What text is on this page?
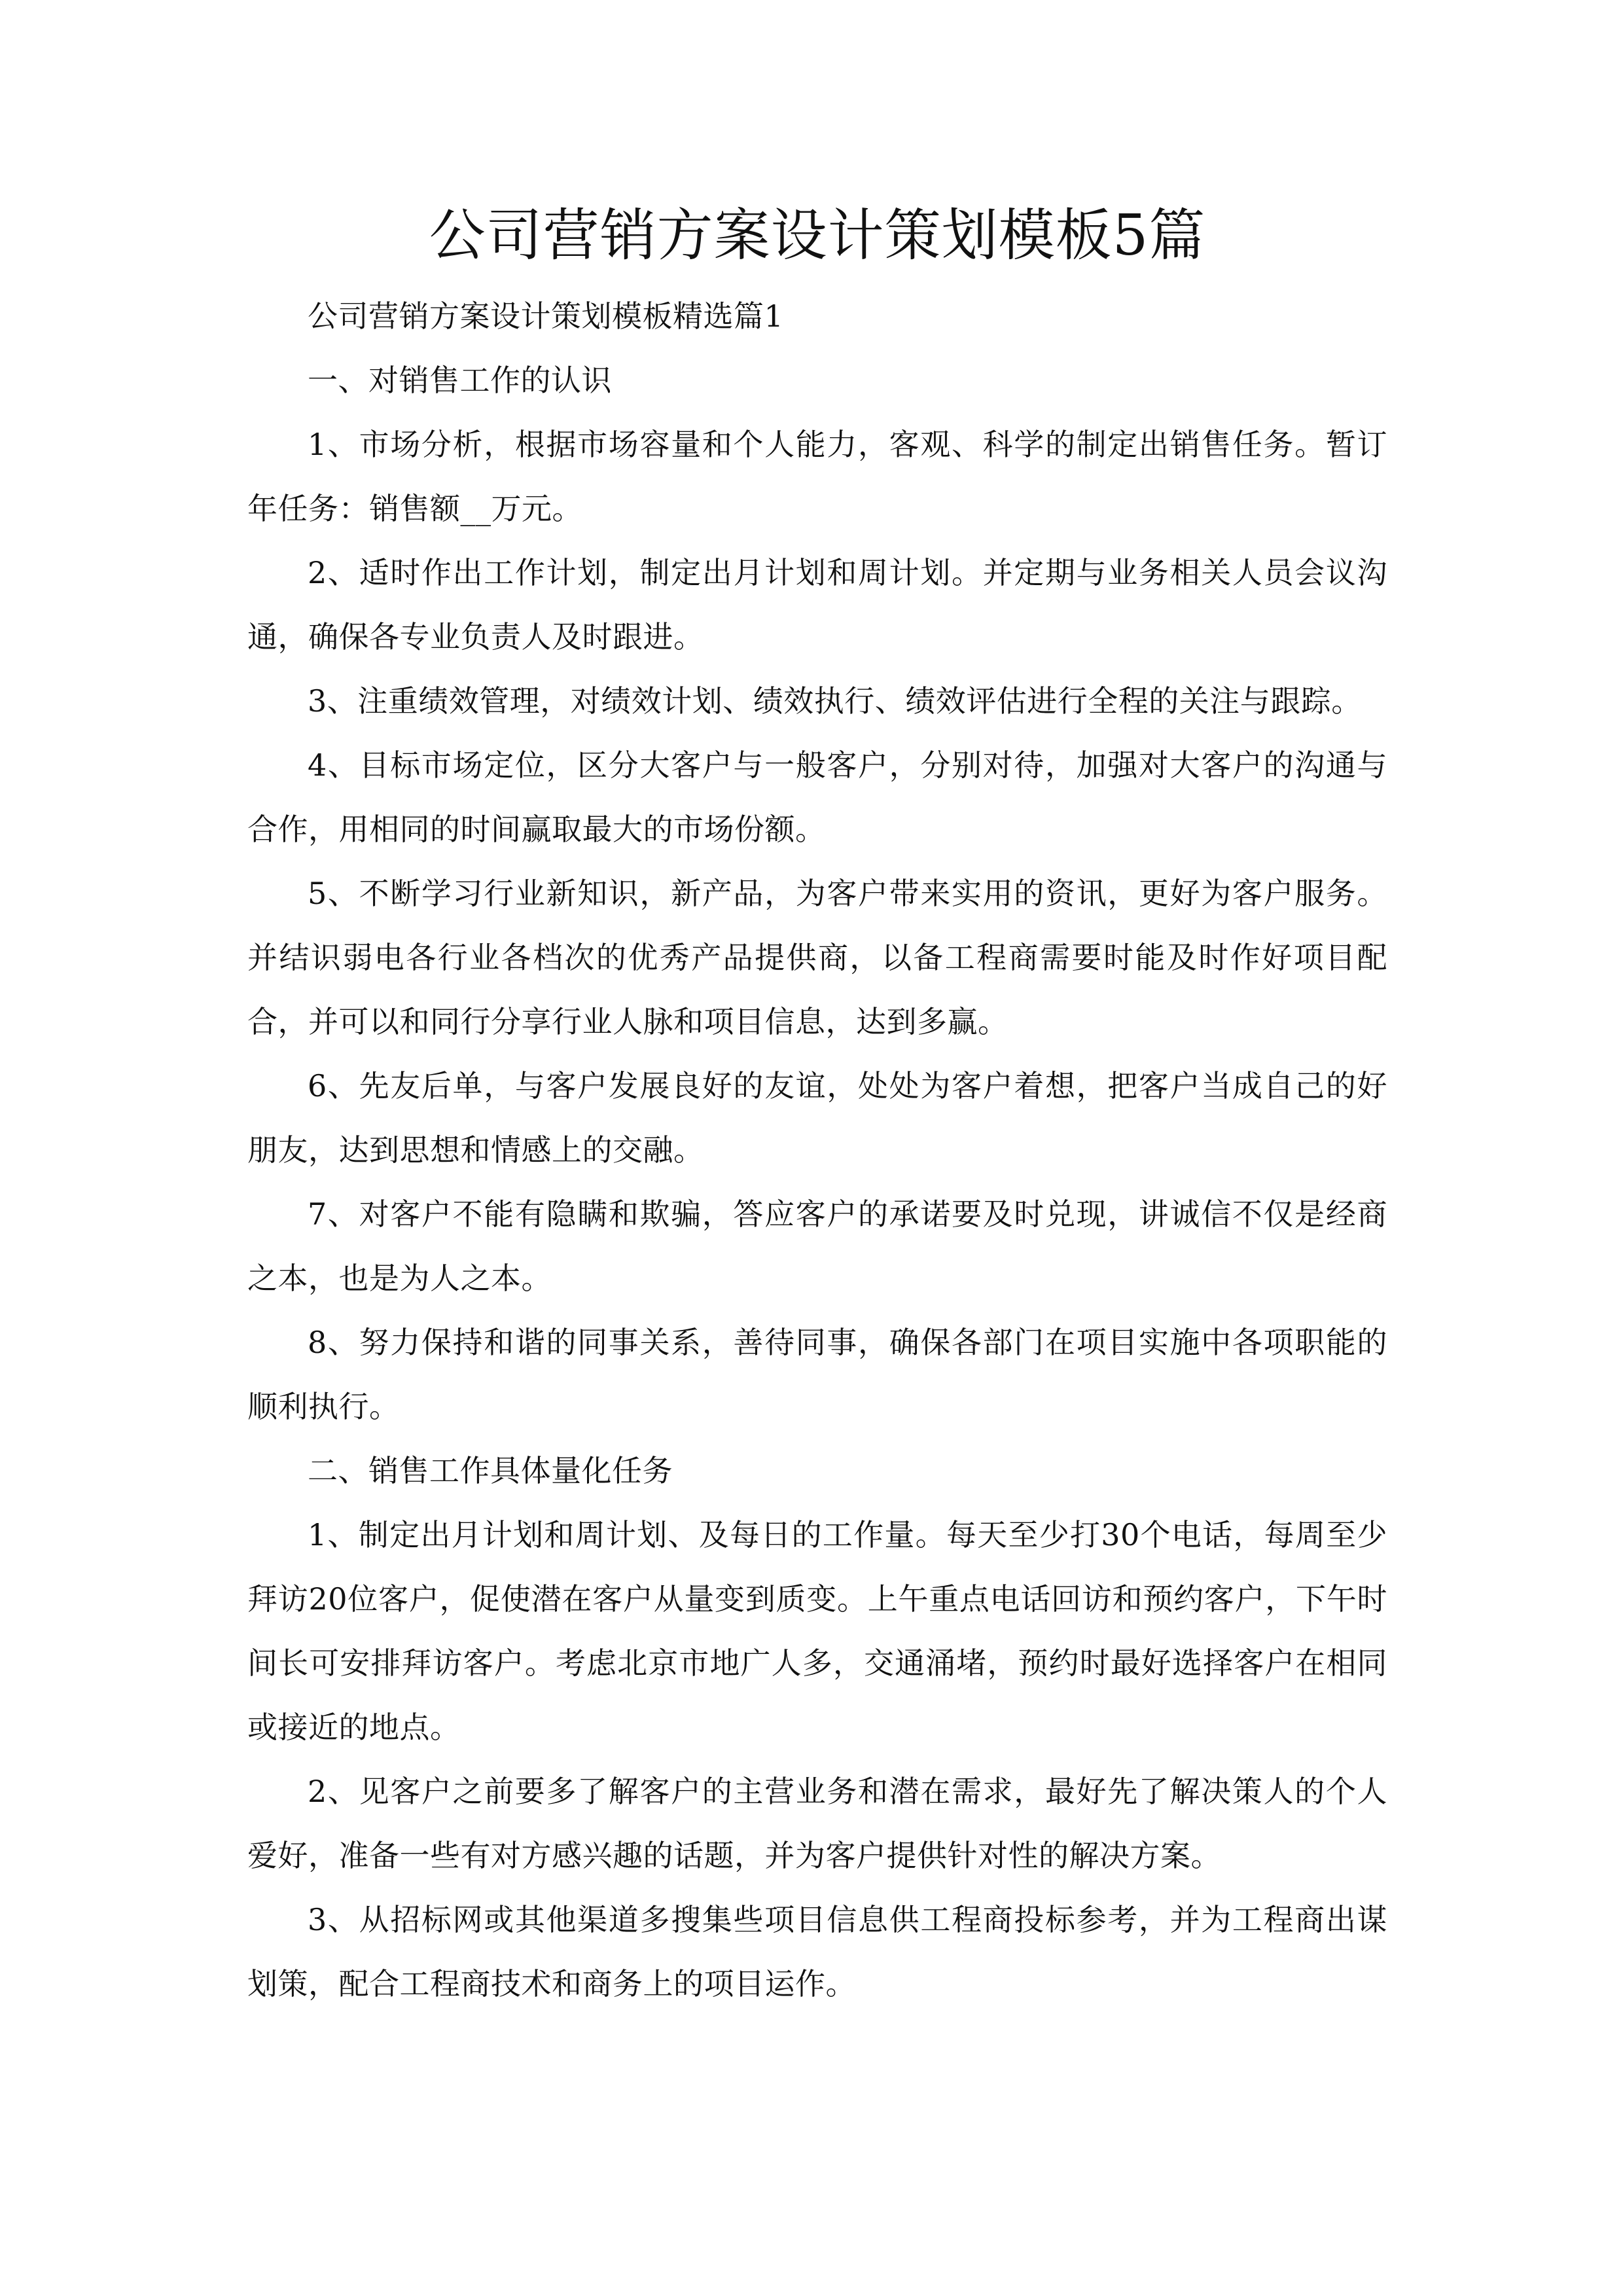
公司营销方案设计策划模板5篇

公司营销方案设计策划模板精选篇1

一、对销售工作的认识

1、市场分析，根据市场容量和个人能力，客观、科学的制定出销售任务。暂订年任务：销售额__万元。

2、适时作出工作计划，制定出月计划和周计划。并定期与业务相关人员会议沟通，确保各专业负责人及时跟进。

3、注重绩效管理，对绩效计划、绩效执行、绩效评估进行全程的关注与跟踪。

4、目标市场定位，区分大客户与一般客户，分别对待，加强对大客户的沟通与合作，用相同的时间赢取最大的市场份额。

5、不断学习行业新知识，新产品，为客户带来实用的资讯，更好为客户服务。并结识弱电各行业各档次的优秀产品提供商，以备工程商需要时能及时作好项目配合，并可以和同行分享行业人脉和项目信息，达到多赢。

6、先友后单，与客户发展良好的友谊，处处为客户着想，把客户当成自己的好朋友，达到思想和情感上的交融。

7、对客户不能有隐瞒和欺骗，答应客户的承诺要及时兑现，讲诚信不仅是经商之本，也是为人之本。

8、努力保持和谐的同事关系，善待同事，确保各部门在项目实施中各项职能的顺利执行。

二、销售工作具体量化任务

1、制定出月计划和周计划、及每日的工作量。每天至少打30个电话，每周至少拜访20位客户，促使潜在客户从量变到质变。上午重点电话回访和预约客户，下午时间长可安排拜访客户。考虑北京市地广人多，交通涌堵，预约时最好选择客户在相同或接近的地点。

2、见客户之前要多了解客户的主营业务和潜在需求，最好先了解决策人的个人爱好，准备一些有对方感兴趣的话题，并为客户提供针对性的解决方案。

3、从招标网或其他渠道多搜集些项目信息供工程商投标参考，并为工程商出谋划策，配合工程商技术和商务上的项目运作。
